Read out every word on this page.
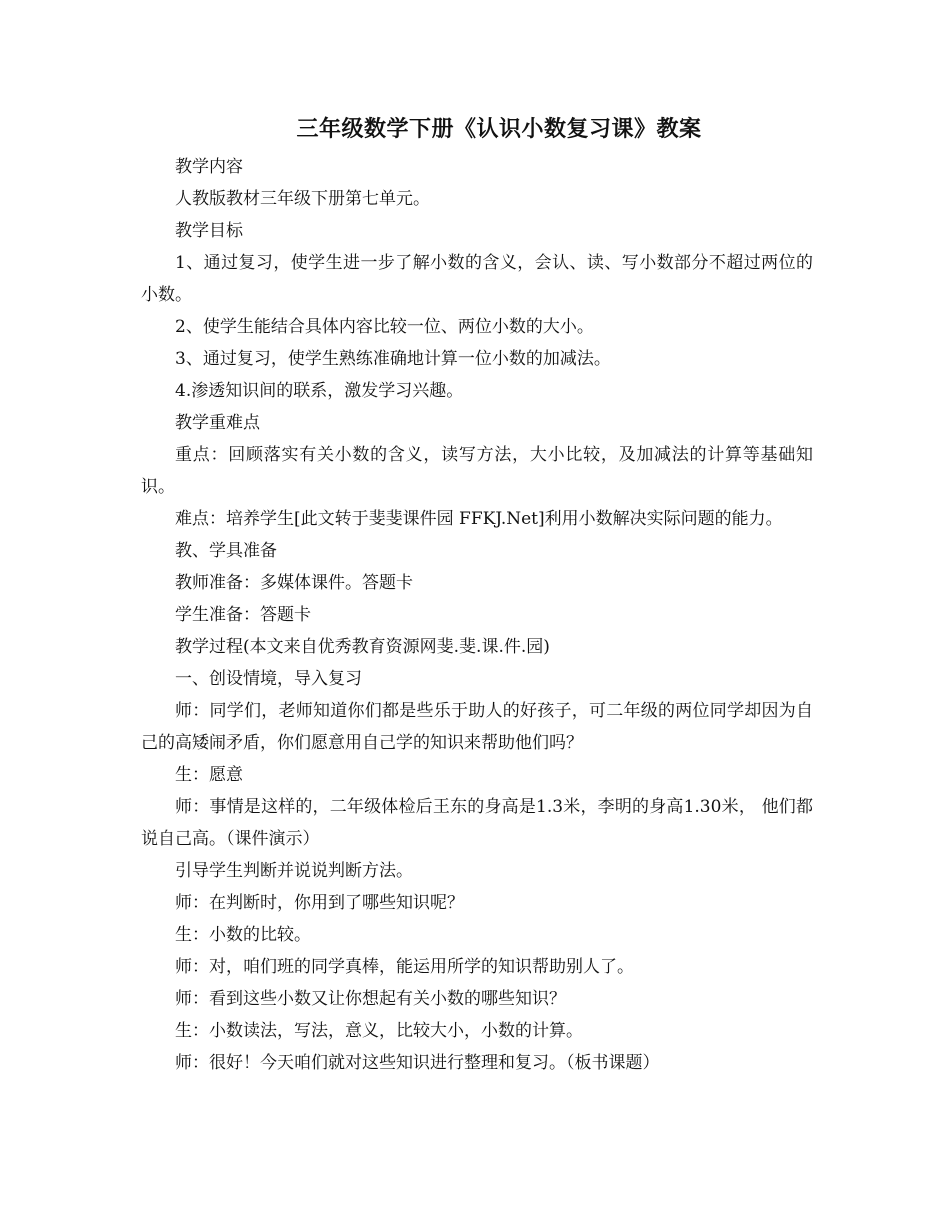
三年级数学下册《认识小数复习课》教案

教学内容

人教版教材三年级下册第七单元。

教学目标

1、通过复习，使学生进一步了解小数的含义，会认、读、写小数部分不超过两位的小数。

2、使学生能结合具体内容比较一位、两位小数的大小。

3、通过复习，使学生熟练准确地计算一位小数的加减法。

4.渗透知识间的联系，激发学习兴趣。

教学重难点

重点：回顾落实有关小数的含义，读写方法，大小比较，及加减法的计算等基础知识。

难点：培养学生[此文转于斐斐课件园 FFKJ.Net]利用小数解决实际问题的能力。

教、学具准备

教师准备：多媒体课件。答题卡

学生准备：答题卡

教学过程(本文来自优秀教育资源网斐.斐.课.件.园)

一、创设情境，导入复习

师：同学们，老师知道你们都是些乐于助人的好孩子，可二年级的两位同学却因为自己的高矮闹矛盾，你们愿意用自己学的知识来帮助他们吗？

生：愿意

师：事情是这样的，二年级体检后王东的身高是1.3米，李明的身高1.30米， 他们都说自己高。（课件演示）

引导学生判断并说说判断方法。

师：在判断时，你用到了哪些知识呢？

生：小数的比较。

师：对，咱们班的同学真棒，能运用所学的知识帮助别人了。

师：看到这些小数又让你想起有关小数的哪些知识？

生：小数读法，写法，意义，比较大小，小数的计算。

师：很好！今天咱们就对这些知识进行整理和复习。（板书课题）
